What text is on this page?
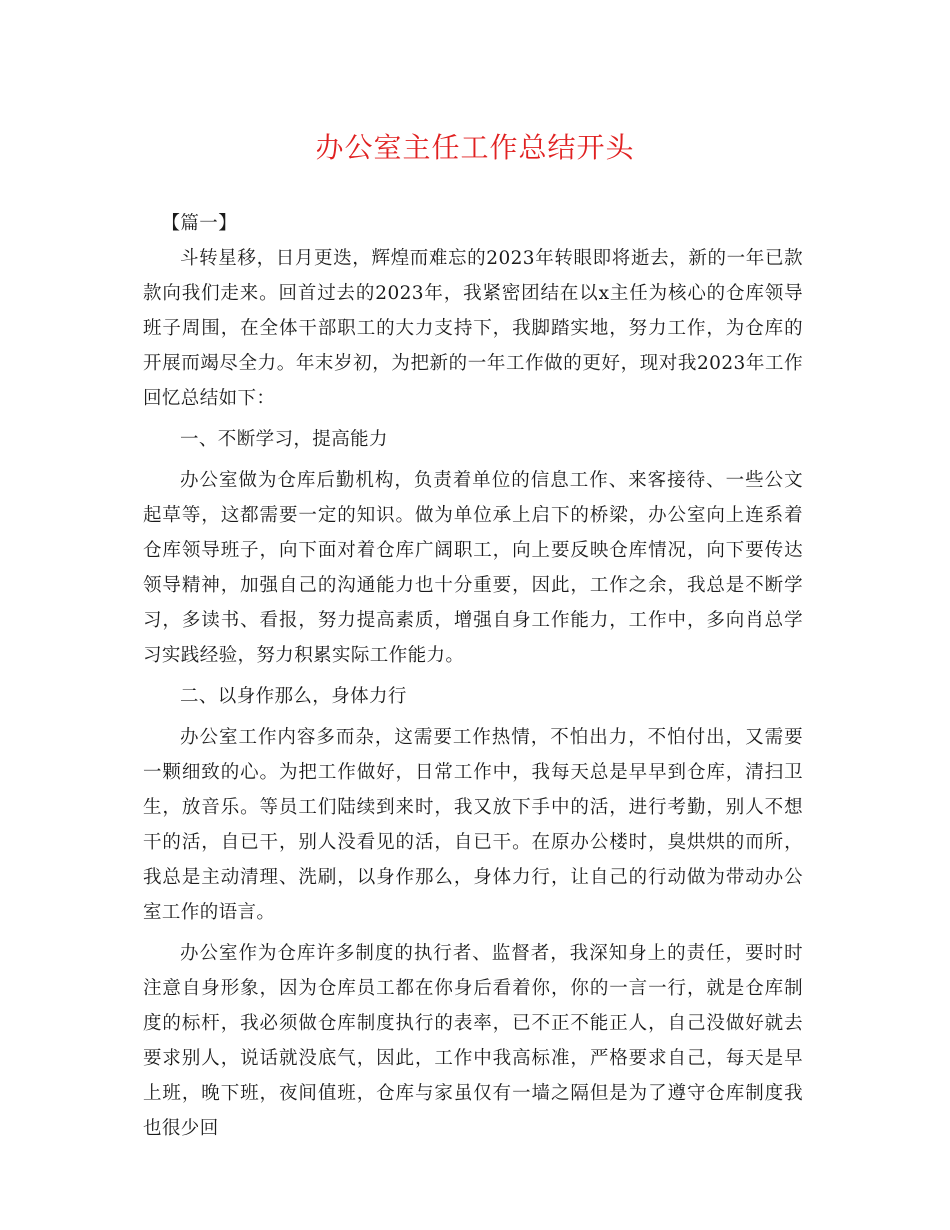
办公室主任工作总结开头

【篇一】

斗转星移，日月更迭，辉煌而难忘的2023年转眼即将逝去，新的一年已款款向我们走来。回首过去的2023年，我紧密团结在以x主任为核心的仓库领导班子周围，在全体干部职工的大力支持下，我脚踏实地，努力工作，为仓库的开展而竭尽全力。年末岁初，为把新的一年工作做的更好，现对我2023年工作回忆总结如下：

一、不断学习，提高能力

办公室做为仓库后勤机构，负责着单位的信息工作、来客接待、一些公文起草等，这都需要一定的知识。做为单位承上启下的桥梁，办公室向上连系着仓库领导班子，向下面对着仓库广阔职工，向上要反映仓库情况，向下要传达领导精神，加强自己的沟通能力也十分重要，因此，工作之余，我总是不断学习，多读书、看报，努力提高素质，增强自身工作能力，工作中，多向肖总学习实践经验，努力积累实际工作能力。

二、以身作那么，身体力行

办公室工作内容多而杂，这需要工作热情，不怕出力，不怕付出，又需要一颗细致的心。为把工作做好，日常工作中，我每天总是早早到仓库，清扫卫生，放音乐。等员工们陆续到来时，我又放下手中的活，进行考勤，别人不想干的活，自已干，别人没看见的活，自已干。在原办公楼时，臭烘烘的而所，我总是主动清理、洗刷，以身作那么，身体力行，让自己的行动做为带动办公室工作的语言。

办公室作为仓库许多制度的执行者、监督者，我深知身上的责任，要时时注意自身形象，因为仓库员工都在你身后看着你，你的一言一行，就是仓库制度的标杆，我必须做仓库制度执行的表率，已不正不能正人，自己没做好就去要求别人，说话就没底气，因此，工作中我高标准，严格要求自己，每天是早上班，晚下班，夜间值班，仓库与家虽仅有一墙之隔但是为了遵守仓库制度我也很少回
